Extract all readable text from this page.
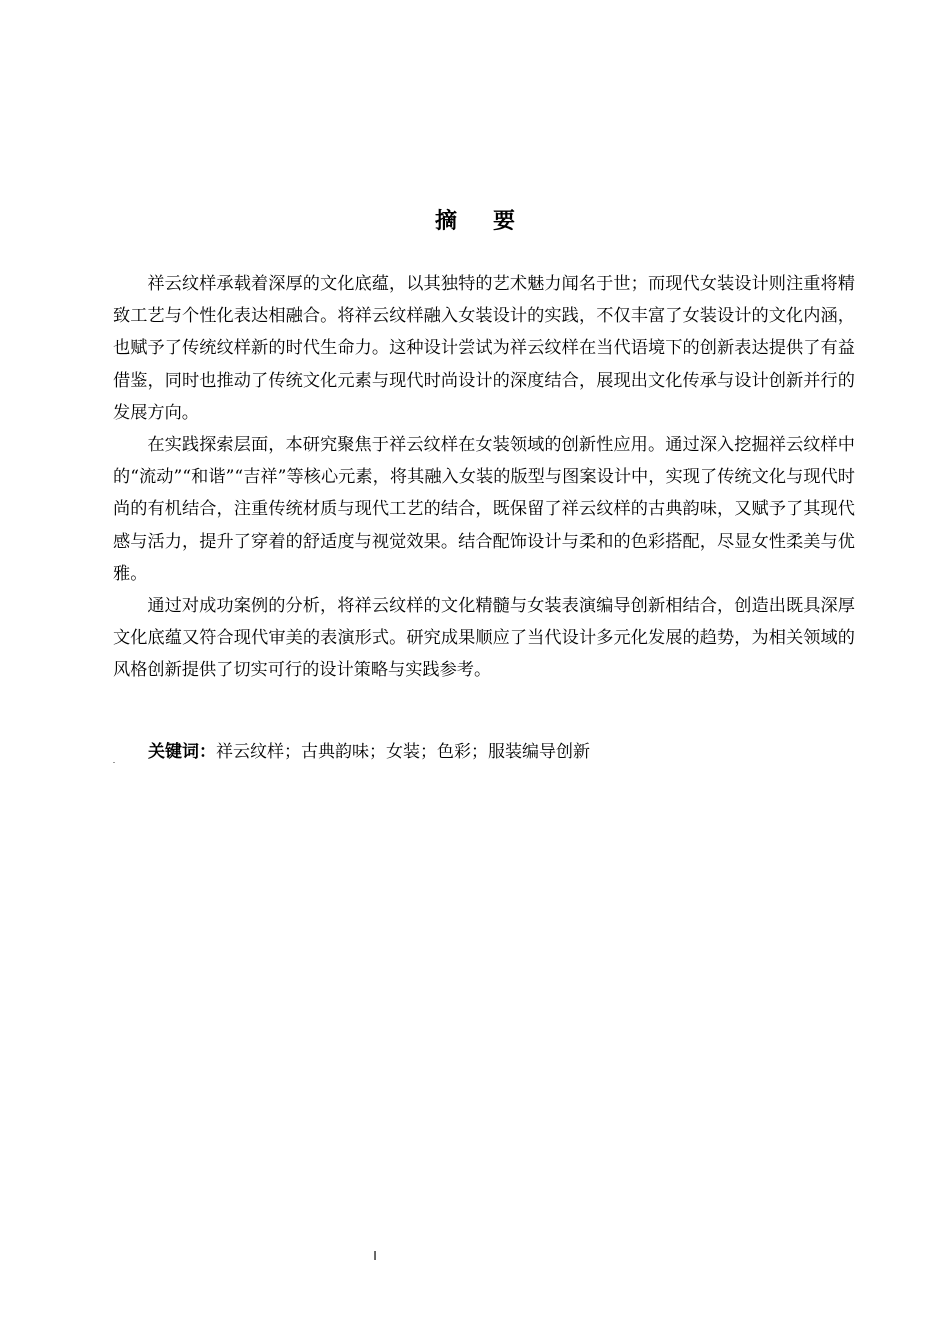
摘要

祥云纹样承载着深厚的文化底蕴，以其独特的艺术魅力闻名于世；而现代女装设计则注重将精致工艺与个性化表达相融合。将祥云纹样融入女装设计的实践，不仅丰富了女装设计的文化内涵，也赋予了传统纹样新的时代生命力。这种设计尝试为祥云纹样在当代语境下的创新表达提供了有益借鉴，同时也推动了传统文化元素与现代时尚设计的深度结合，展现出文化传承与设计创新并行的发展方向。

在实践探索层面，本研究聚焦于祥云纹样在女装领域的创新性应用。通过深入挖掘祥云纹样中的“流动”“和谐”“吉祥”等核心元素，将其融入女装的版型与图案设计中，实现了传统文化与现代时尚的有机结合，注重传统材质与现代工艺的结合，既保留了祥云纹样的古典韵味，又赋予了其现代感与活力，提升了穿着的舒适度与视觉效果。结合配饰设计与柔和的色彩搭配，尽显女性柔美与优雅。

通过对成功案例的分析，将祥云纹样的文化精髓与女装表演编导创新相结合，创造出既具深厚文化底蕴又符合现代审美的表演形式。研究成果顺应了当代设计多元化发展的趋势，为相关领域的风格创新提供了切实可行的设计策略与实践参考。

关键词：祥云纹样；古典韵味；女装；色彩；服装编导创新
I
